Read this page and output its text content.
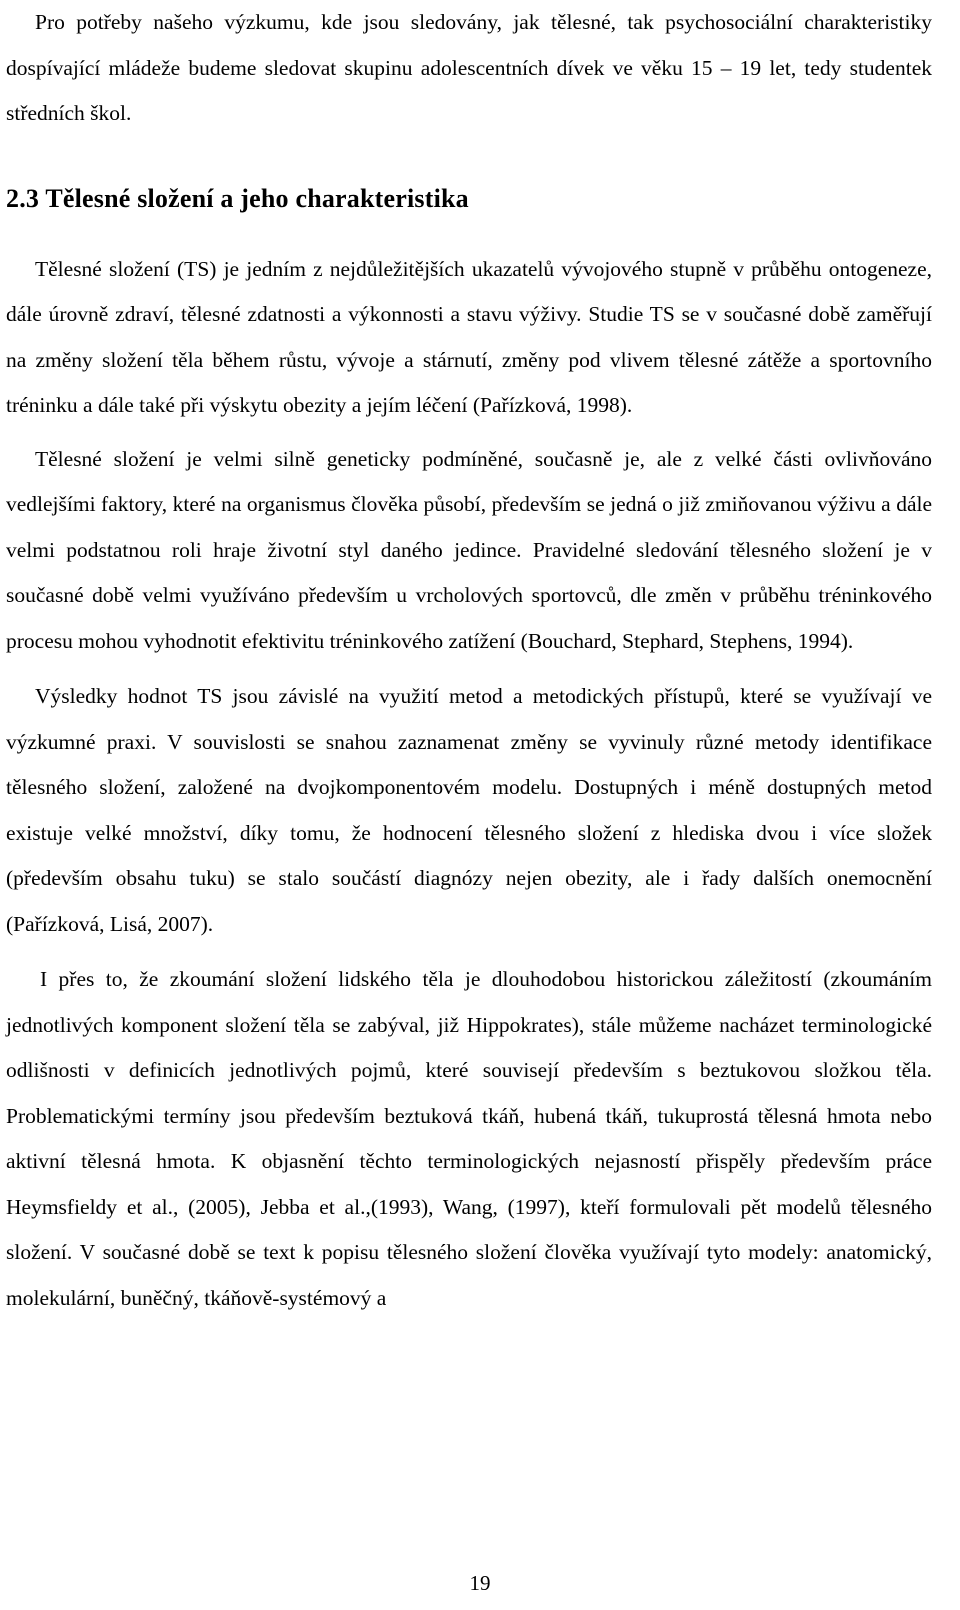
Pro potřeby našeho výzkumu, kde jsou sledovány, jak tělesné, tak psychosociální charakteristiky dospívající mládeže budeme sledovat skupinu adolescentních dívek ve věku 15 – 19 let, tedy studentek středních škol.

2.3 Tělesné složení a jeho charakteristika

Tělesné složení (TS) je jedním z nejdůležitějších ukazatelů vývojového stupně v průběhu ontogeneze, dále úrovně zdraví, tělesné zdatnosti a výkonnosti a stavu výživy. Studie TS se v současné době zaměřují na změny složení těla během růstu, vývoje a stárnutí, změny pod vlivem tělesné zátěže a sportovního tréninku a dále také při výskytu obezity a jejím léčení (Pařízková, 1998).

Tělesné složení je velmi silně geneticky podmíněné, současně je, ale z velké části ovlivňováno vedlejšími faktory, které na organismus člověka působí, především se jedná o již zmiňovanou výživu a dále velmi podstatnou roli hraje životní styl daného jedince. Pravidelné sledování tělesného složení je v současné době velmi využíváno především u vrcholových sportovců, dle změn v průběhu tréninkového procesu mohou vyhodnotit efektivitu tréninkového zatížení (Bouchard, Stephard, Stephens, 1994).

Výsledky hodnot TS jsou závislé na využití metod a metodických přístupů, které se využívají ve výzkumné praxi. V souvislosti se snahou zaznamenat změny se vyvinuly různé metody identifikace tělesného složení, založené na dvojkomponentovém modelu. Dostupných i méně dostupných metod existuje velké množství, díky tomu, že hodnocení tělesného složení z hlediska dvou i více složek (především obsahu tuku) se stalo součástí diagnózy nejen obezity, ale i řady dalších onemocnění (Pařízková, Lisá, 2007).

I přes to, že zkoumání složení lidského těla je dlouhodobou historickou záležitostí (zkoumáním jednotlivých komponent složení těla se zabýval, již Hippokrates), stále můžeme nacházet terminologické odlišnosti v definicích jednotlivých pojmů, které souvisejí především s beztukovou složkou těla. Problematickými termíny jsou především beztuková tkáň, hubená tkáň, tukuprostá tělesná hmota nebo aktivní tělesná hmota. K objasnění těchto terminologických nejasností přispěly především práce Heymsfieldy et al., (2005), Jebba et al.,(1993), Wang, (1997), kteří formulovali pět modelů tělesného složení. V současné době se text k popisu tělesného složení člověka využívají tyto modely: anatomický, molekulární, buněčný, tkáňově-systémový a

19
